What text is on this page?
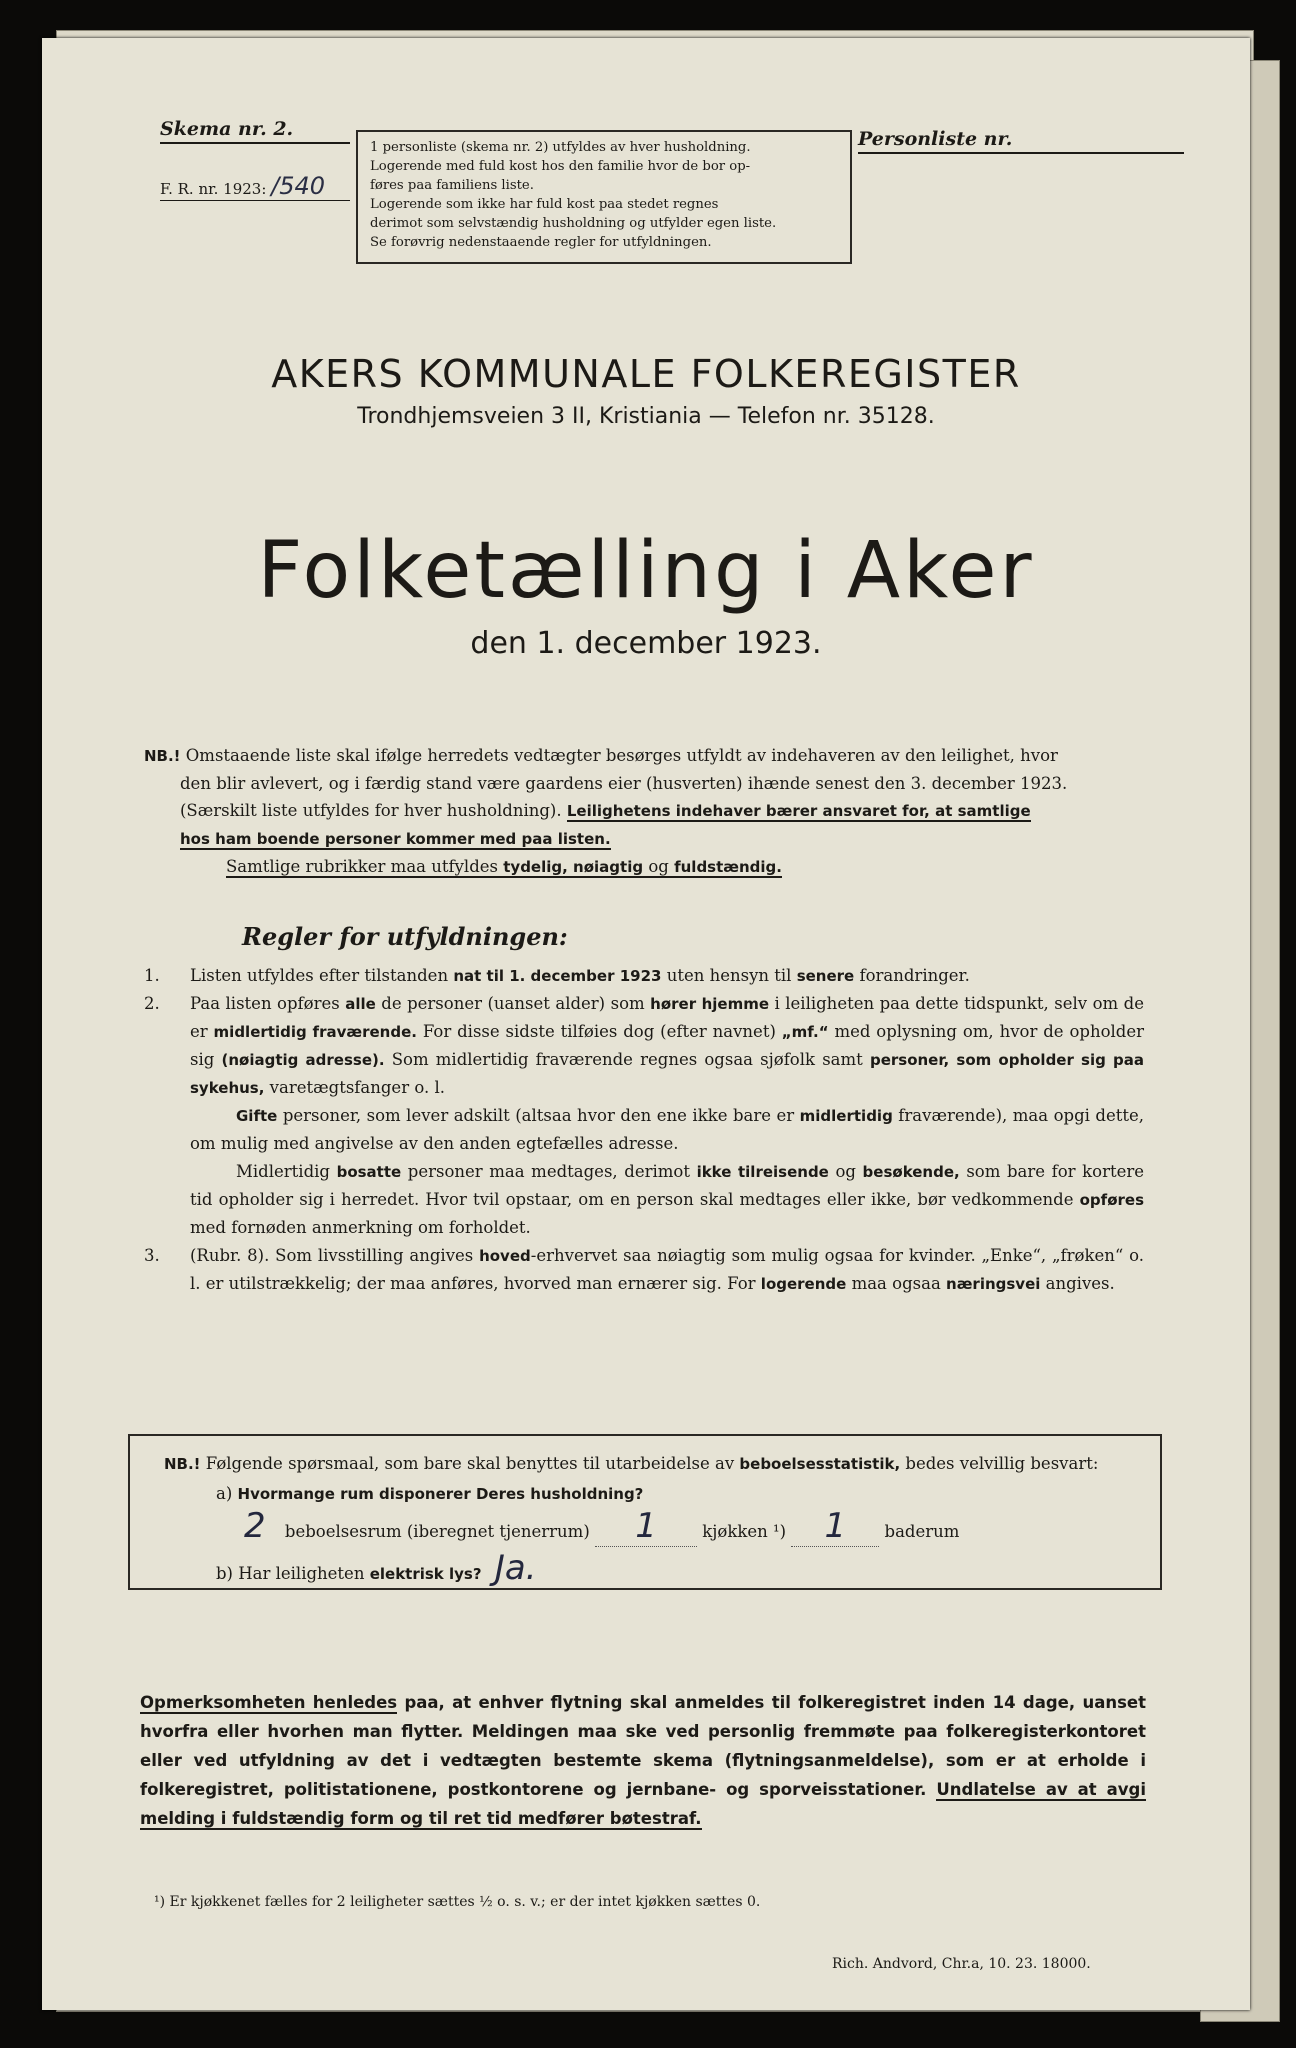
Skema nr. 2.
F. R. nr. 1923: /540
1 personliste (skema nr. 2) utfyldes av hver husholdning.
Logerende med fuld kost hos den familie hvor de bor op-
føres paa familiens liste.
Logerende som ikke har fuld kost paa stedet regnes
derimot som selvstændig husholdning og utfylder egen liste.
Se forøvrig nedenstaaende regler for utfyldningen.
Personliste nr.
AKERS KOMMUNALE FOLKEREGISTER
Trondhjemsveien 3 II, Kristiania — Telefon nr. 35128.
Folketælling i Aker
den 1. december 1923.
NB.! Omstaaende liste skal ifølge herredets vedtægter besørges utfyldt av indehaveren av den leilighet, hvor
den blir avlevert, og i færdig stand være gaardens eier (husverten) ihænde senest den 3. december 1923.
(Særskilt liste utfyldes for hver husholdning). Leilighetens indehaver bærer ansvaret for, at samtlige
hos ham boende personer kommer med paa listen.
Samtlige rubrikker maa utfyldes tydelig, nøiagtig og fuldstændig.
Regler for utfyldningen:
1. Listen utfyldes efter tilstanden nat til 1. december 1923 uten hensyn til senere forandringer.
2. Paa listen opføres alle de personer (uanset alder) som hører hjemme i leiligheten paa dette tidspunkt, selv om de er midlertidig fraværende. For disse sidste tilføies dog (efter navnet) „mf.“ med oplysning om, hvor de opholder sig (nøiagtig adresse). Som midlertidig fraværende regnes ogsaa sjøfolk samt personer, som opholder sig paa sykehus, varetægtsfanger o. l.
Gifte personer, som lever adskilt (altsaa hvor den ene ikke bare er midlertidig fraværende), maa opgi dette, om mulig med angivelse av den anden egtefælles adresse.
Midlertidig bosatte personer maa medtages, derimot ikke tilreisende og besøkende, som bare for kortere tid opholder sig i herredet. Hvor tvil opstaar, om en person skal medtages eller ikke, bør vedkommende opføres med fornøden anmerkning om forholdet.
3. (Rubr. 8). Som livsstilling angives hoved-erhvervet saa nøiagtig som mulig ogsaa for kvinder. „Enke“, „frøken“ o. l. er utilstrækkelig; der maa anføres, hvorved man ernærer sig. For logerende maa ogsaa næringsvei angives.
NB.! Følgende spørsmaal, som bare skal benyttes til utarbeidelse av beboelsesstatistik, bedes velvillig besvart:
a) Hvormange rum disponerer Deres husholdning?
2 beboelsesrum (iberegnet tjenerrum) 1	kjøkken ¹) 1 baderum
b) Har leiligheten elektrisk lys? Ja.
Opmerksomheten henledes paa, at enhver flytning skal anmeldes til folkeregistret inden 14 dage, uanset hvorfra eller hvorhen man flytter. Meldingen maa ske ved personlig fremmøte paa folkeregisterkontoret eller ved utfyldning av det i vedtægten bestemte skema (flytningsanmeldelse), som er at erholde i folkeregistret, politistationene, postkontorene og jernbane- og sporveisstationer. Undlatelse av at avgi melding i fuldstændig form og til ret tid medfører bøtestraf.
¹) Er kjøkkenet fælles for 2 leiligheter sættes ½ o. s. v.; er der intet kjøkken sættes 0.
Rich. Andvord, Chr.a, 10. 23. 18000.
